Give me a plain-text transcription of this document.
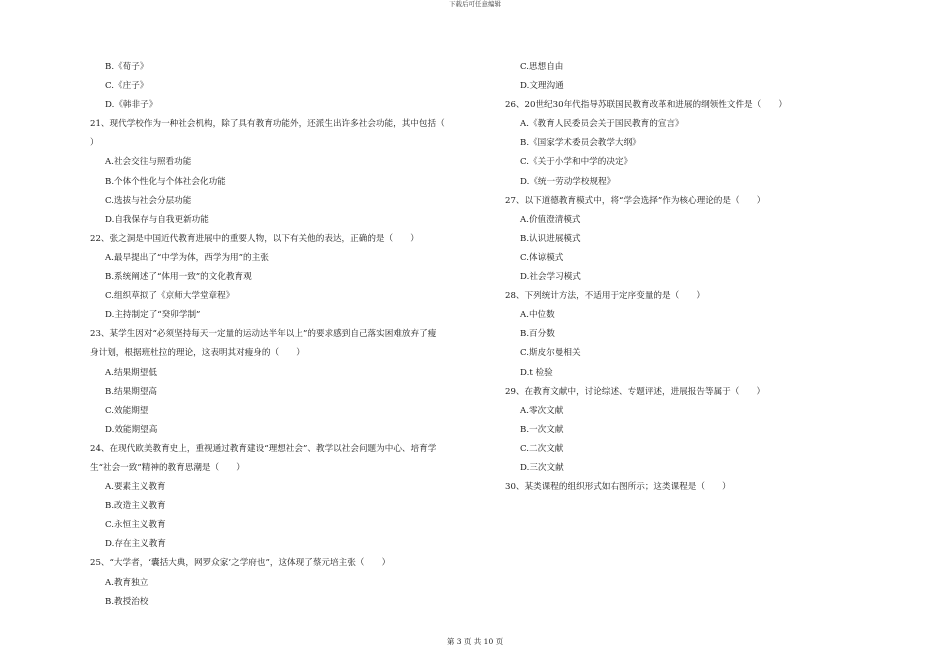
下载后可任意编辑
B.《荀子》
C.《庄子》
D.《韩非子》
21、现代学校作为一种社会机构，除了具有教育功能外，还派生出许多社会功能，其中包括（
）
A.社会交往与照看功能
B.个体个性化与个体社会化功能
C.选拔与社会分层功能
D.自我保存与自我更新功能
22、张之洞是中国近代教育进展中的重要人物，以下有关他的表达，正确的是（　　）
A.最早提出了“中学为体，西学为用”的主张
B.系统阐述了“体用一致”的文化教育观
C.组织草拟了《京师大学堂章程》
D.主持制定了“癸卯学制”
23、某学生因对“必须坚持每天一定量的运动达半年以上”的要求感到自己落实困难放弃了瘦
身计划，根据班杜拉的理论，这表明其对瘦身的（　　）
A.结果期望低
B.结果期望高
C.效能期望
D.效能期望高
24、在现代欧美教育史上，重视通过教育建设“理想社会”、教学以社会问题为中心、培育学
生“社会一致”精神的教育思潮是（　　）
A.要素主义教育
B.改造主义教育
C.永恒主义教育
D.存在主义教育
25、“大学者，‘囊括大典，网罗众家’之学府也”，这体现了蔡元培主张（　　）
A.教育独立
B.教授治校
C.思想自由
D.文理沟通
26、20世纪30年代指导苏联国民教育改革和进展的纲领性文件是（　　）
A.《教育人民委员会关于国民教育的宣言》
B.《国家学术委员会教学大纲》
C.《关于小学和中学的决定》
D.《统一劳动学校规程》
27、以下道德教育模式中，将“学会选择”作为核心理论的是（　　）
A.价值澄清模式
B.认识进展模式
C.体谅模式
D.社会学习模式
28、下列统计方法，不适用于定序变量的是（　　）
A.中位数
B.百分数
C.斯皮尔曼相关
D.t 检验
29、在教育文献中，讨论综述、专题评述，进展报告等属于（　　）
A.零次文献
B.一次文献
C.二次文献
D.三次文献
30、某类课程的组织形式如右图所示；这类课程是（　　）
第 3 页 共 10 页
